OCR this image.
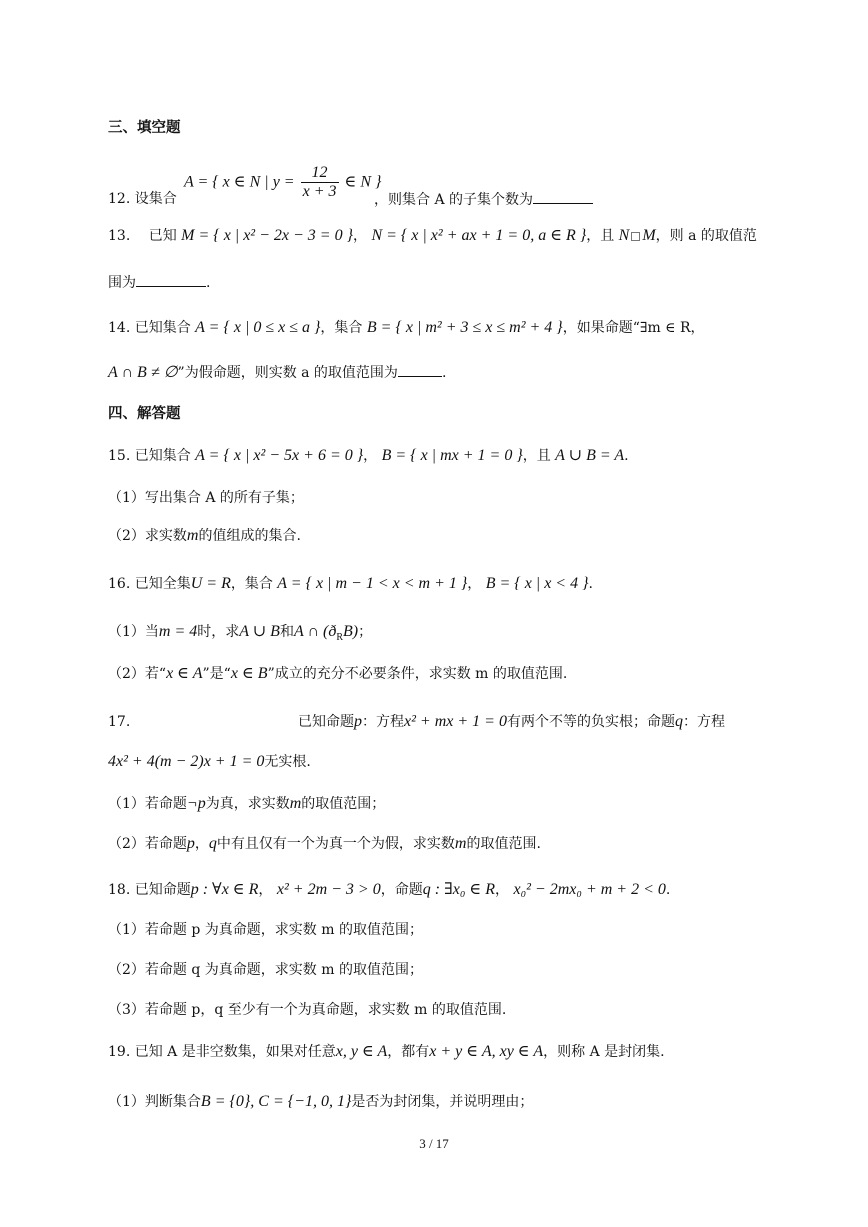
三、填空题
12. 设集合
A = { x ∈ N | $y = \frac{12}{x + 3}$ ∈ N }
，则集合 A 的子集个数为
13.　 已知 M = { x | x² − 2x − 3 = 0 }， N = { x | x² + ax + 1 = 0, a ∈ R }，且 N M，则 a 的取值范
围为	.
14. 已知集合 A = { x | 0 ≤ x ≤ a }，集合 B = { x | m² + 3 ≤ x ≤ m² + 4 }，如果命题“∃m ∈ R，
A ∩ B ≠ ∅”为假命题，则实数 a 的取值范围为	.
四、解答题
15. 已知集合 A = { x | x² − 5x + 6 = 0 }， B = { x | mx + 1 = 0 }，且 A ∪ B = A.
（1）写出集合 A 的所有子集；
（2）求实数m的值组成的集合.
16. 已知全集U = R，集合 A = { x | m − 1 < x < m + 1 }， B = { x | x < 4 }.
（1）当m = 4时，求A ∪ B和A ∩ $(ð_RB)$；
（2）若“x ∈ A”是“x ∈ B”成立的充分不必要条件，求实数 m 的取值范围.
17.	已知命题p：方程x² + mx + 1 = 0有两个不等的负实根；命题q：方程
4x² + 4(m − 2)x + 1 = 0无实根.
（1）若命题¬p为真，求实数m的取值范围；
（2）若命题p，q中有且仅有一个为真一个为假，求实数m的取值范围.
18. 已知命题p : ∀x ∈ R， x² + 2m − 3 > 0，命题q : ∃x₀ ∈ R， x₀² − 2mx₀ + m + 2 < 0.
（1）若命题 p 为真命题，求实数 m 的取值范围；
（2）若命题 q 为真命题，求实数 m 的取值范围；
（3）若命题 p，q 至少有一个为真命题，求实数 m 的取值范围.
19. 已知 A 是非空数集，如果对任意x, y ∈ A，都有x + y ∈ A, xy ∈ A，则称 A 是封闭集.
（1）判断集合B = {0}, C = {−1, 0, 1}是否为封闭集，并说明理由；
3 / 17
